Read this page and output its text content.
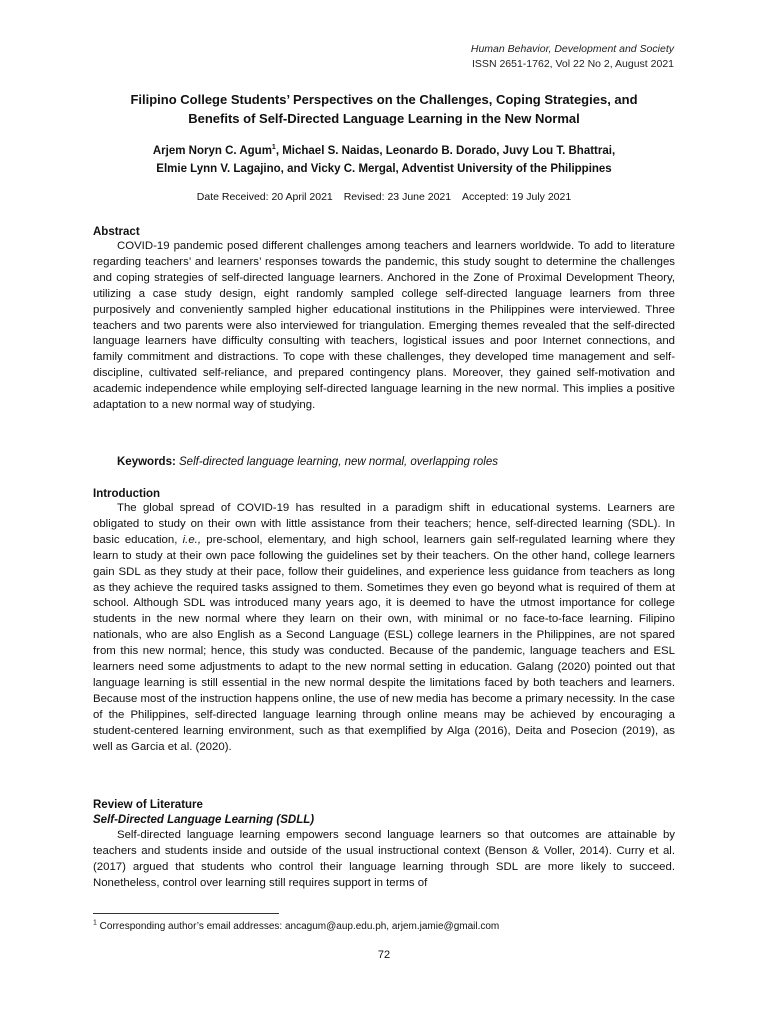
Human Behavior, Development and Society
ISSN 2651-1762, Vol 22 No 2, August 2021
Filipino College Students’ Perspectives on the Challenges, Coping Strategies, and
Benefits of Self-Directed Language Learning in the New Normal
Arjem Noryn C. Agum$^1$, Michael S. Naidas, Leonardo B. Dorado, Juvy Lou T. Bhattrai,
Elmie Lynn V. Lagajino, and Vicky C. Mergal, Adventist University of the Philippines
Date Received: 20 April 2021 Revised: 23 June 2021 Accepted: 19 July 2021
Abstract
COVID-19 pandemic posed different challenges among teachers and learners worldwide. To add to literature regarding teachers’ and learners’ responses towards the pandemic, this study sought to determine the challenges and coping strategies of self-directed language learners. Anchored in the Zone of Proximal Development Theory, utilizing a case study design, eight randomly sampled college self-directed language learners from three purposively and conveniently sampled higher educational institutions in the Philippines were interviewed. Three teachers and two parents were also interviewed for triangulation. Emerging themes revealed that the self-directed language learners have difficulty consulting with teachers, logistical issues and poor Internet connections, and family commitment and distractions. To cope with these challenges, they developed time management and self-discipline, cultivated self-reliance, and prepared contingency plans. Moreover, they gained self-motivation and academic independence while employing self-directed language learning in the new normal. This implies a positive adaptation to a new normal way of studying.
Keywords: Self-directed language learning, new normal, overlapping roles
Introduction
The global spread of COVID-19 has resulted in a paradigm shift in educational systems. Learners are obligated to study on their own with little assistance from their teachers; hence, self-directed learning (SDL). In basic education, i.e., pre-school, elementary, and high school, learners gain self-regulated learning where they learn to study at their own pace following the guidelines set by their teachers. On the other hand, college learners gain SDL as they study at their pace, follow their guidelines, and experience less guidance from teachers as long as they achieve the required tasks assigned to them. Sometimes they even go beyond what is required of them at school. Although SDL was introduced many years ago, it is deemed to have the utmost importance for college students in the new normal where they learn on their own, with minimal or no face-to-face learning. Filipino nationals, who are also English as a Second Language (ESL) college learners in the Philippines, are not spared from this new normal; hence, this study was conducted. Because of the pandemic, language teachers and ESL learners need some adjustments to adapt to the new normal setting in education. Galang (2020) pointed out that language learning is still essential in the new normal despite the limitations faced by both teachers and learners. Because most of the instruction happens online, the use of new media has become a primary necessity. In the case of the Philippines, self-directed language learning through online means may be achieved by encouraging a student-centered learning environment, such as that exemplified by Alga (2016), Deita and Posecion (2019), as well as Garcia et al. (2020).
Review of Literature
Self-Directed Language Learning (SDLL)
Self-directed language learning empowers second language learners so that outcomes are attainable by teachers and students inside and outside of the usual instructional context (Benson & Voller, 2014). Curry et al. (2017) argued that students who control their language learning through SDL are more likely to succeed. Nonetheless, control over learning still requires support in terms of
$^1$ Corresponding author’s email addresses: ancagum@aup.edu.ph, arjem.jamie@gmail.com
72
